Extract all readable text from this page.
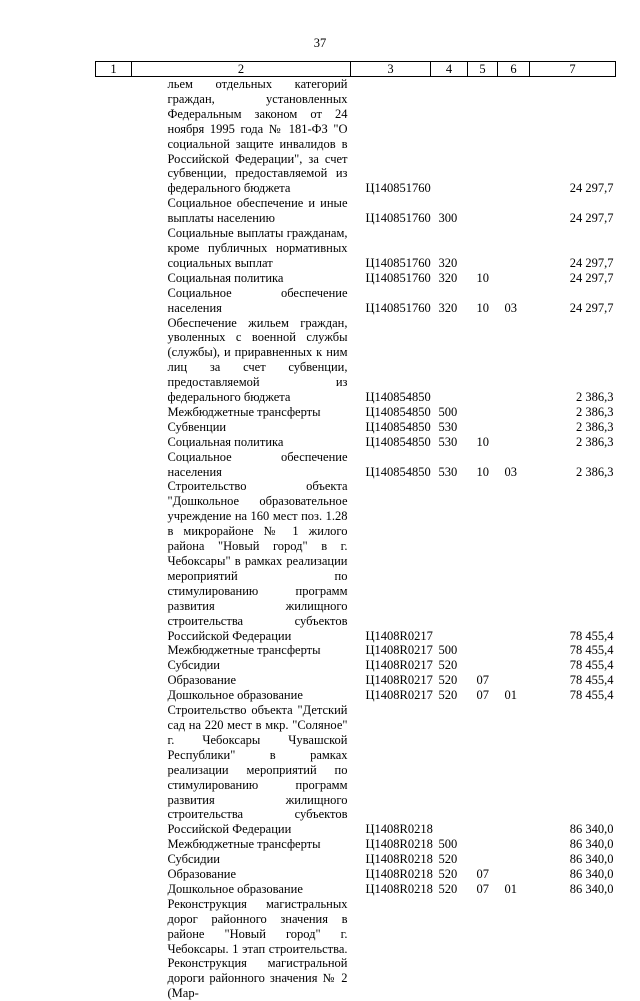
37
1	2	3	4	5	6	7
	льем отдельных категорий граждан, установленных Федеральным законом от 24 ноября 1995 года № 181-ФЗ "О социальной защите инвалидов в Российской Федерации", за счет субвенции, предоставляемой из федерального бюджета	Ц140851760				24 297,7
	Социальное обеспечение и иные выплаты населению	Ц140851760	300			24 297,7
	Социальные выплаты гражданам, кроме публичных нормативных социальных выплат	Ц140851760	320			24 297,7
	Социальная политика	Ц140851760	320	10		24 297,7
	Социальное обеспечение населения	Ц140851760	320	10	03	24 297,7
	Обеспечение жильем граждан, уволенных с военной службы (службы), и приравненных к ним лиц за счет субвенции, предоставляемой из федерального бюджета	Ц140854850				2 386,3
	Межбюджетные трансферты	Ц140854850	500			2 386,3
	Субвенции	Ц140854850	530			2 386,3
	Социальная политика	Ц140854850	530	10		2 386,3
	Социальное обеспечение населения	Ц140854850	530	10	03	2 386,3
	Строительство объекта "Дошкольное образовательное учреждение на 160 мест поз. 1.28 в микрорайоне № 1 жилого района "Новый город" в г. Чебоксары" в рамках реализации мероприятий по стимулированию программ развития жилищного строительства субъектов Российской Федерации	Ц1408R0217				78 455,4
	Межбюджетные трансферты	Ц1408R0217	500			78 455,4
	Субсидии	Ц1408R0217	520			78 455,4
	Образование	Ц1408R0217	520	07		78 455,4
	Дошкольное образование	Ц1408R0217	520	07	01	78 455,4
	Строительство объекта "Детский сад на 220 мест в мкр. "Соляное" г. Чебоксары Чувашской Республики" в рамках реализации мероприятий по стимулированию программ развития жилищного строительства субъектов Российской Федерации	Ц1408R0218				86 340,0
	Межбюджетные трансферты	Ц1408R0218	500			86 340,0
	Субсидии	Ц1408R0218	520			86 340,0
	Образование	Ц1408R0218	520	07		86 340,0
	Дошкольное образование	Ц1408R0218	520	07	01	86 340,0
	Реконструкция магистральных дорог районного значения в районе "Новый город" г. Чебоксары. 1 этап строительства. Реконструкция магистральной дороги районного значения № 2 (Мар-					
